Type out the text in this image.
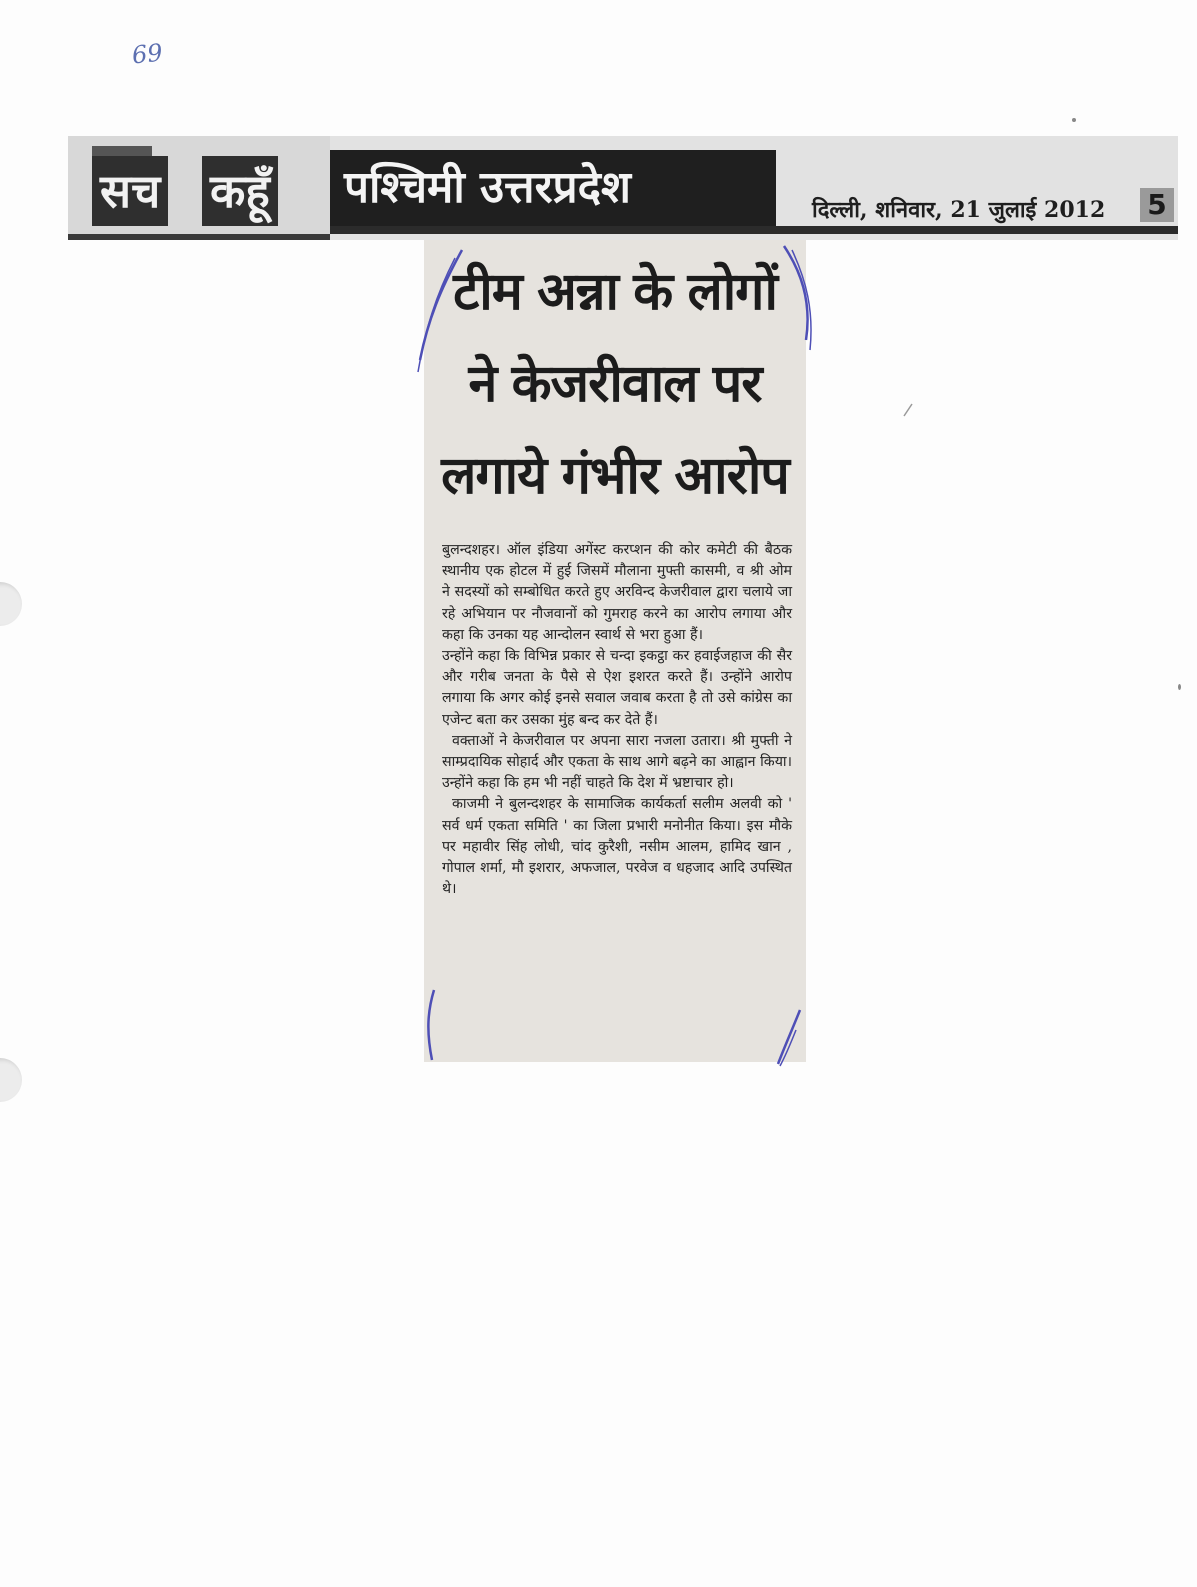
69
सच कहूँ	पश्चिमी उत्तरप्रदेश	दिल्ली, शनिवार, 21 जुलाई 2012 5
टीम अन्ना के लोगों
ने केजरीवाल पर
लगाये गंभीर आरोप

बुलन्दशहर। ऑल इंडिया अगेंस्ट करप्शन की कोर कमेटी की बैठक स्थानीय एक होटल में हुई जिसमें मौलाना मुफ्ती कासमी, व श्री ओम ने सदस्यों को सम्बोधित करते हुए अरविन्द केजरीवाल द्वारा चलाये जा रहे अभियान पर नौजवानों को गुमराह करने का आरोप लगाया और कहा कि उनका यह आन्दोलन स्वार्थ से भरा हुआ हैं।

उन्होंने कहा कि विभिन्न प्रकार से चन्दा इकट्ठा कर हवाईजहाज की सैर और गरीब जनता के पैसे से ऐश इशरत करते हैं। उन्होंने आरोप लगाया कि अगर कोई इनसे सवाल जवाब करता है तो उसे कांग्रेस का एजेन्ट बता कर उसका मुंह बन्द कर देते हैं।

वक्ताओं ने केजरीवाल पर अपना सारा नजला उतारा। श्री मुफ्ती ने साम्प्रदायिक सोहार्द और एकता के साथ आगे बढ़ने का आह्वान किया। उन्होंने कहा कि हम भी नहीं चाहते कि देश में भ्रष्टाचार हो।

काजमी ने बुलन्दशहर के सामाजिक कार्यकर्ता सलीम अलवी को ' सर्व धर्म एकता समिति ' का जिला प्रभारी मनोनीत किया। इस मौके पर महावीर सिंह लोधी, चांद कुरैशी, नसीम आलम, हामिद खान , गोपाल शर्मा, मौ इशरार, अफजाल, परवेज व धहजाद आदि उपस्थित थे।
